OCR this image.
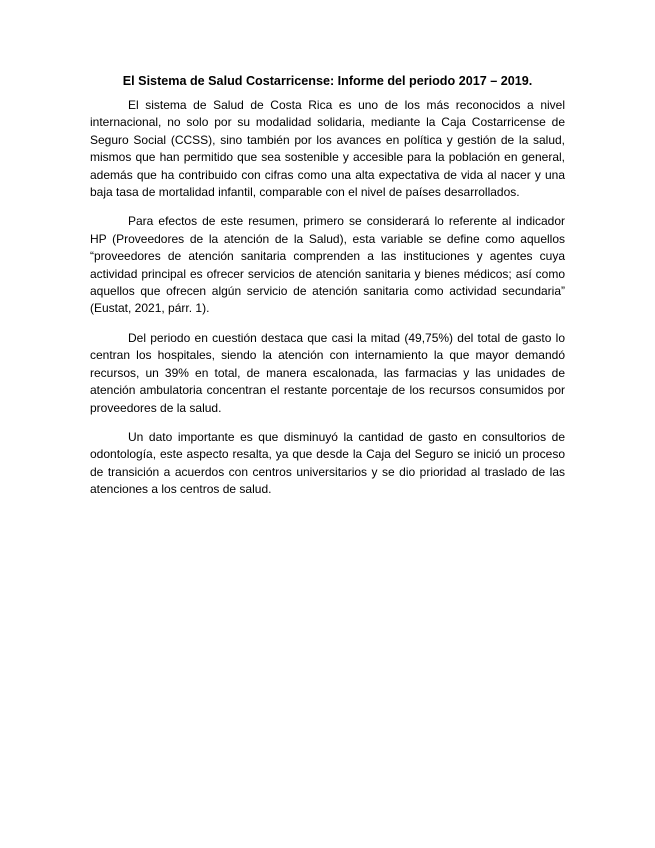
El Sistema de Salud Costarricense: Informe del periodo 2017 – 2019.

El sistema de Salud de Costa Rica es uno de los más reconocidos a nivel internacional, no solo por su modalidad solidaria, mediante la Caja Costarricense de Seguro Social (CCSS), sino también por los avances en política y gestión de la salud, mismos que han permitido que sea sostenible y accesible para la población en general, además que ha contribuido con cifras como una alta expectativa de vida al nacer y una baja tasa de mortalidad infantil, comparable con el nivel de países desarrollados.

Para efectos de este resumen, primero se considerará lo referente al indicador HP (Proveedores de la atención de la Salud), esta variable se define como aquellos “proveedores de atención sanitaria comprenden a las instituciones y agentes cuya actividad principal es ofrecer servicios de atención sanitaria y bienes médicos; así como aquellos que ofrecen algún servicio de atención sanitaria como actividad secundaria” (Eustat, 2021, párr. 1).

Del periodo en cuestión destaca que casi la mitad (49,75%) del total de gasto lo centran los hospitales, siendo la atención con internamiento la que mayor demandó recursos, un 39% en total, de manera escalonada, las farmacias y las unidades de atención ambulatoria concentran el restante porcentaje de los recursos consumidos por proveedores de la salud.

Un dato importante es que disminuyó la cantidad de gasto en consultorios de odontología, este aspecto resalta, ya que desde la Caja del Seguro se inició un proceso de transición a acuerdos con centros universitarios y se dio prioridad al traslado de las atenciones a los centros de salud.
